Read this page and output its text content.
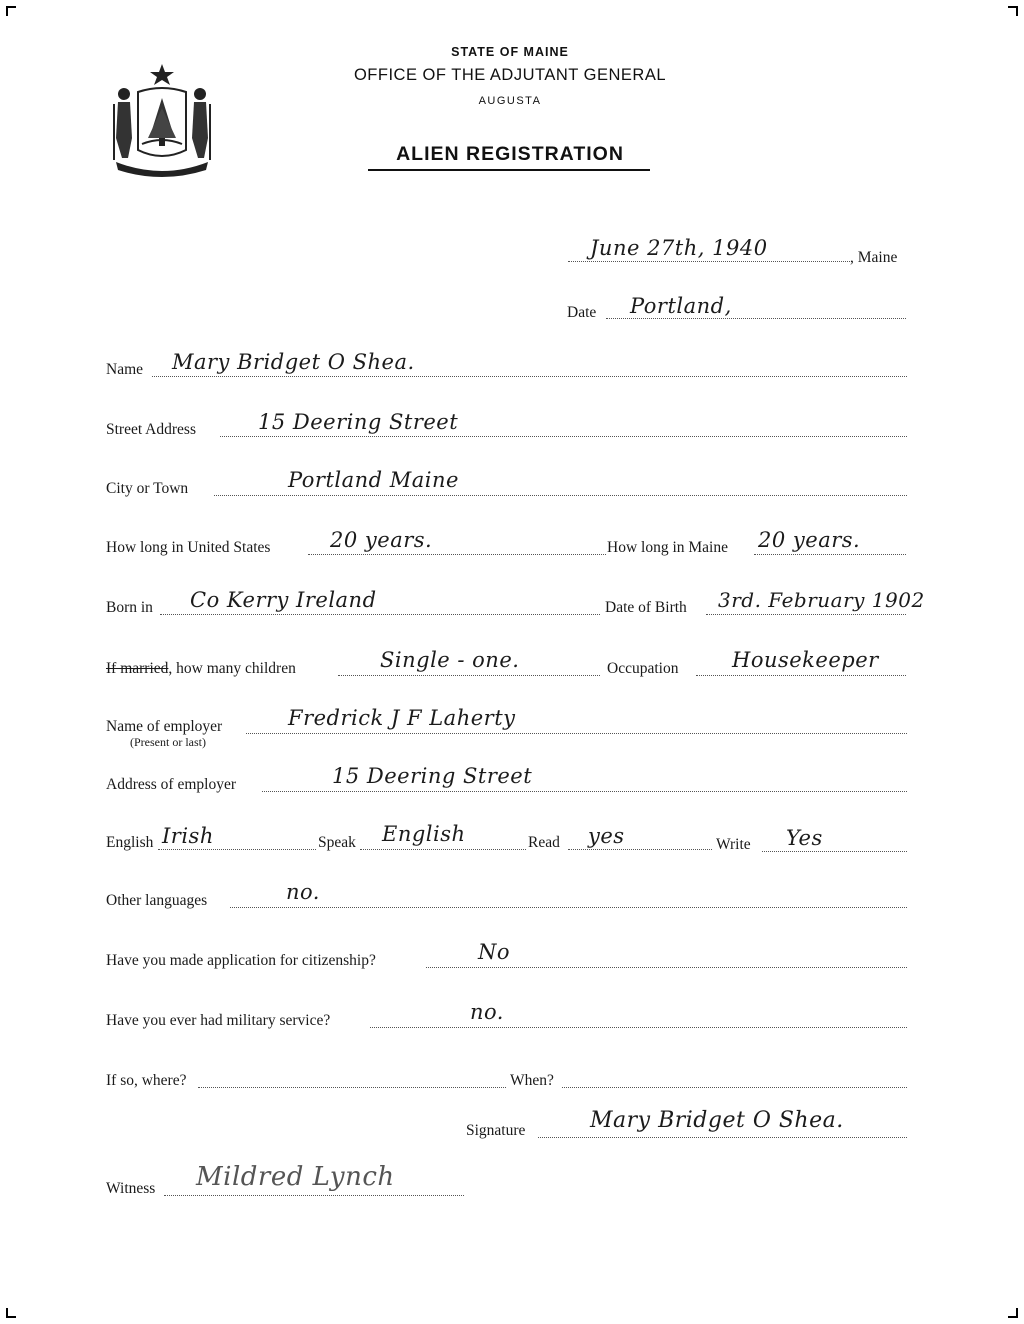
MAINE
STATE OF MAINE
OFFICE OF THE ADJUTANT GENERAL
AUGUSTA
ALIEN REGISTRATION
June 27th, 1940	, Maine
Date Portland,
Name Mary Bridget O Shea.
Street Address	15 Deering Street
City or Town	Portland Maine
How long in United States	20 years.	How long in Maine 20 years.
Born in Co Kerry Ireland	Date of Birth 3rd. February 1902
If married, how many children	Single - one.	Occupation	Housekeeper
Name of employer
(Present or last)
Fredrick J F Laherty
Address of employer	15 Deering Street
English Irish	Speak English	Read yes	Write Yes
Other languages	no.
Have you made application for citizenship?	No
Have you ever had military service?	no.
If so, where?	When?
Signature	Mary Bridget O Shea.
Witness Mildred Lynch
